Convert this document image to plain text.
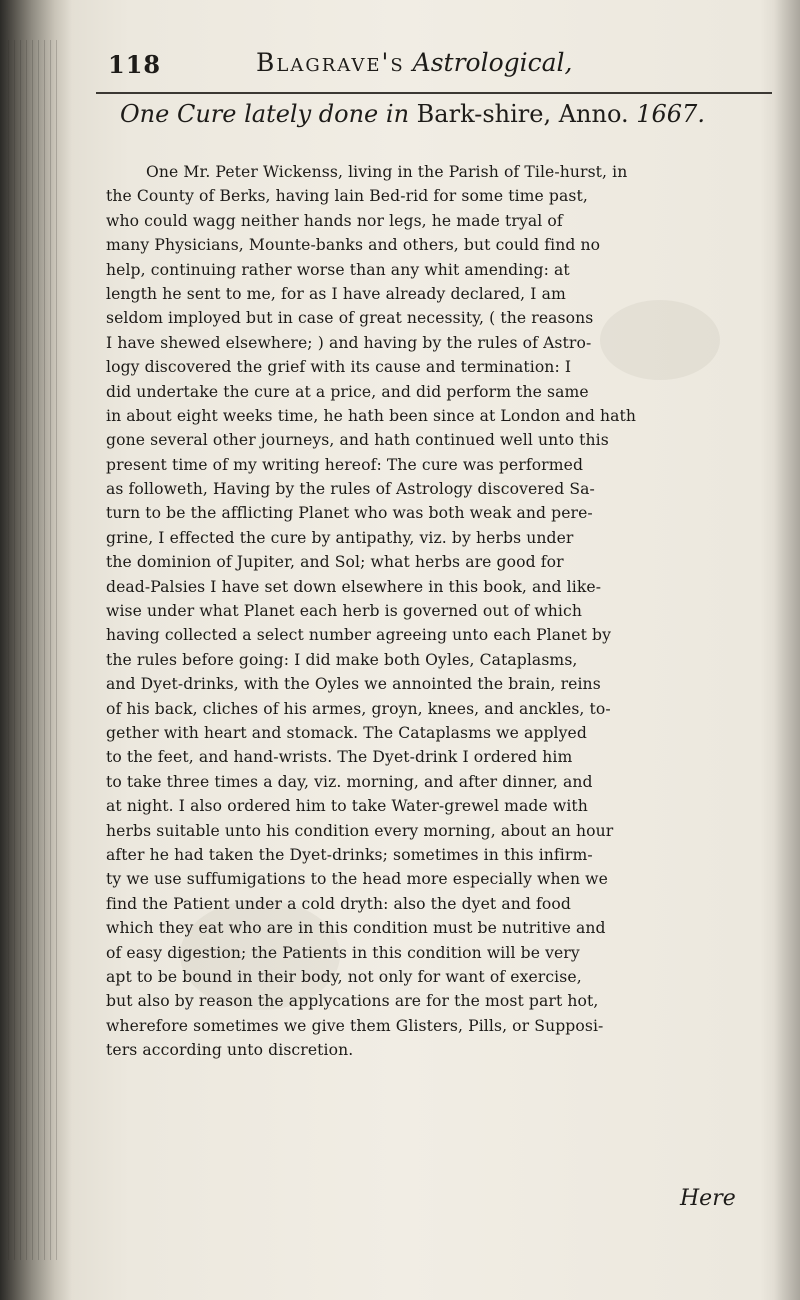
118	Blagrave's Astrological,
One Cure lately done in Bark-shire, Anno. 1667.
One Mr. Peter Wickenss, living in the Parish of Tile-hurst, in
the County of Berks, having lain Bed-rid for some time past,
who could wagg neither hands nor legs, he made tryal of
many Physicians, Mounte-banks and others, but could find no
help, continuing rather worse than any whit amending: at
length he sent to me, for as I have already declared, I am
seldom imployed but in case of great necessity, ( the reasons
I have shewed elsewhere; ) and having by the rules of Astro-
logy discovered the grief with its cause and termination: I
did undertake the cure at a price, and did perform the same
in about eight weeks time, he hath been since at London and hath
gone several other journeys, and hath continued well unto this
present time of my writing hereof: The cure was performed
as followeth, Having by the rules of Astrology discovered Sa-
turn to be the afflicting Planet who was both weak and pere-
grine, I effected the cure by antipathy, viz. by herbs under
the dominion of Jupiter, and Sol; what herbs are good for
dead-Palsies I have set down elsewhere in this book, and like-
wise under what Planet each herb is governed out of which
having collected a select number agreeing unto each Planet by
the rules before going: I did make both Oyles, Cataplasms,
and Dyet-drinks, with the Oyles we annointed the brain, reins
of his back, cliches of his armes, groyn, knees, and anckles, to-
gether with heart and stomack. The Cataplasms we applyed
to the feet, and hand-wrists. The Dyet-drink I ordered him
to take three times a day, viz. morning, and after dinner, and
at night. I also ordered him to take Water-grewel made with
herbs suitable unto his condition every morning, about an hour
after he had taken the Dyet-drinks; sometimes in this infirm-
ty we use suffumigations to the head more especially when we
find the Patient under a cold dryth: also the dyet and food
which they eat who are in this condition must be nutritive and
of easy digestion; the Patients in this condition will be very
apt to be bound in their body, not only for want of exercise,
but also by reason the applycations are for the most part hot,
wherefore sometimes we give them Glisters, Pills, or Supposi-
ters according unto discretion.
Here
